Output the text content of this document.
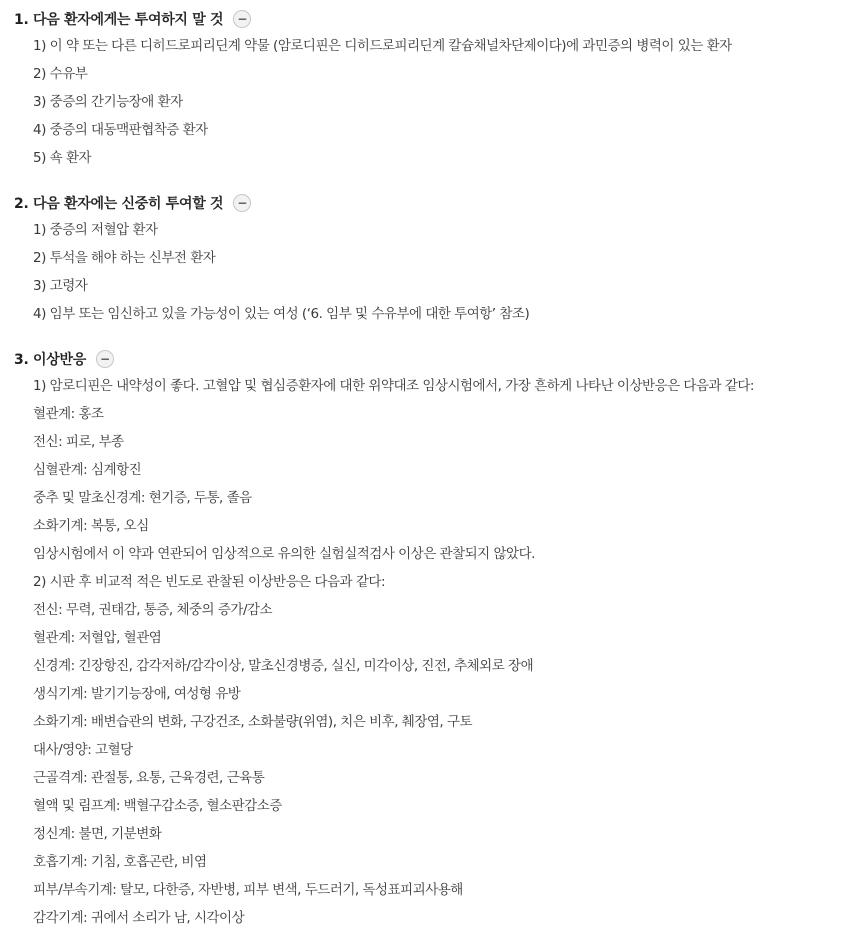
1. 다음 환자에게는 투여하지 말 것	−
1) 이 약 또는 다른 디히드로피리딘계 약물 (암로디핀은 디히드로피리딘계 칼슘채널차단제이다)에 과민증의 병력이 있는 환자
2) 수유부
3) 중증의 간기능장애 환자
4) 중증의 대동맥판협착증 환자
5) 쇽 환자
2. 다음 환자에는 신중히 투여할 것	−
1) 중증의 저혈압 환자
2) 투석을 해야 하는 신부전 환자
3) 고령자
4) 임부 또는 임신하고 있을 가능성이 있는 여성 (‘6. 임부 및 수유부에 대한 투여항’ 참조)
3. 이상반응	−
1) 암로디핀은 내약성이 좋다. 고혈압 및 협심증환자에 대한 위약대조 임상시험에서, 가장 흔하게 나타난 이상반응은 다음과 같다:
혈관계: 홍조
전신: 피로, 부종
심혈관계: 심계항진
중추 및 말초신경계: 현기증, 두통, 졸음
소화기계: 복통, 오심
임상시험에서 이 약과 연관되어 임상적으로 유의한 실험실적검사 이상은 관찰되지 않았다.
2) 시판 후 비교적 적은 빈도로 관찰된 이상반응은 다음과 같다:
전신: 무력, 권태감, 통증, 체중의 증가/감소
혈관계: 저혈압, 혈관염
신경계: 긴장항진, 감각저하/감각이상, 말초신경병증, 실신, 미각이상, 진전, 추체외로 장애
생식기계: 발기기능장애, 여성형 유방
소화기계: 배변습관의 변화, 구강건조, 소화불량(위염), 치은 비후, 췌장염, 구토
대사/영양: 고혈당
근골격계: 관절통, 요통, 근육경련, 근육통
혈액 및 림프계: 백혈구감소증, 혈소판감소증
정신계: 불면, 기분변화
호흡기계: 기침, 호흡곤란, 비염
피부/부속기계: 탈모, 다한증, 자반병, 피부 변색, 두드러기, 독성표피괴사용해
감각기계: 귀에서 소리가 남, 시각이상
